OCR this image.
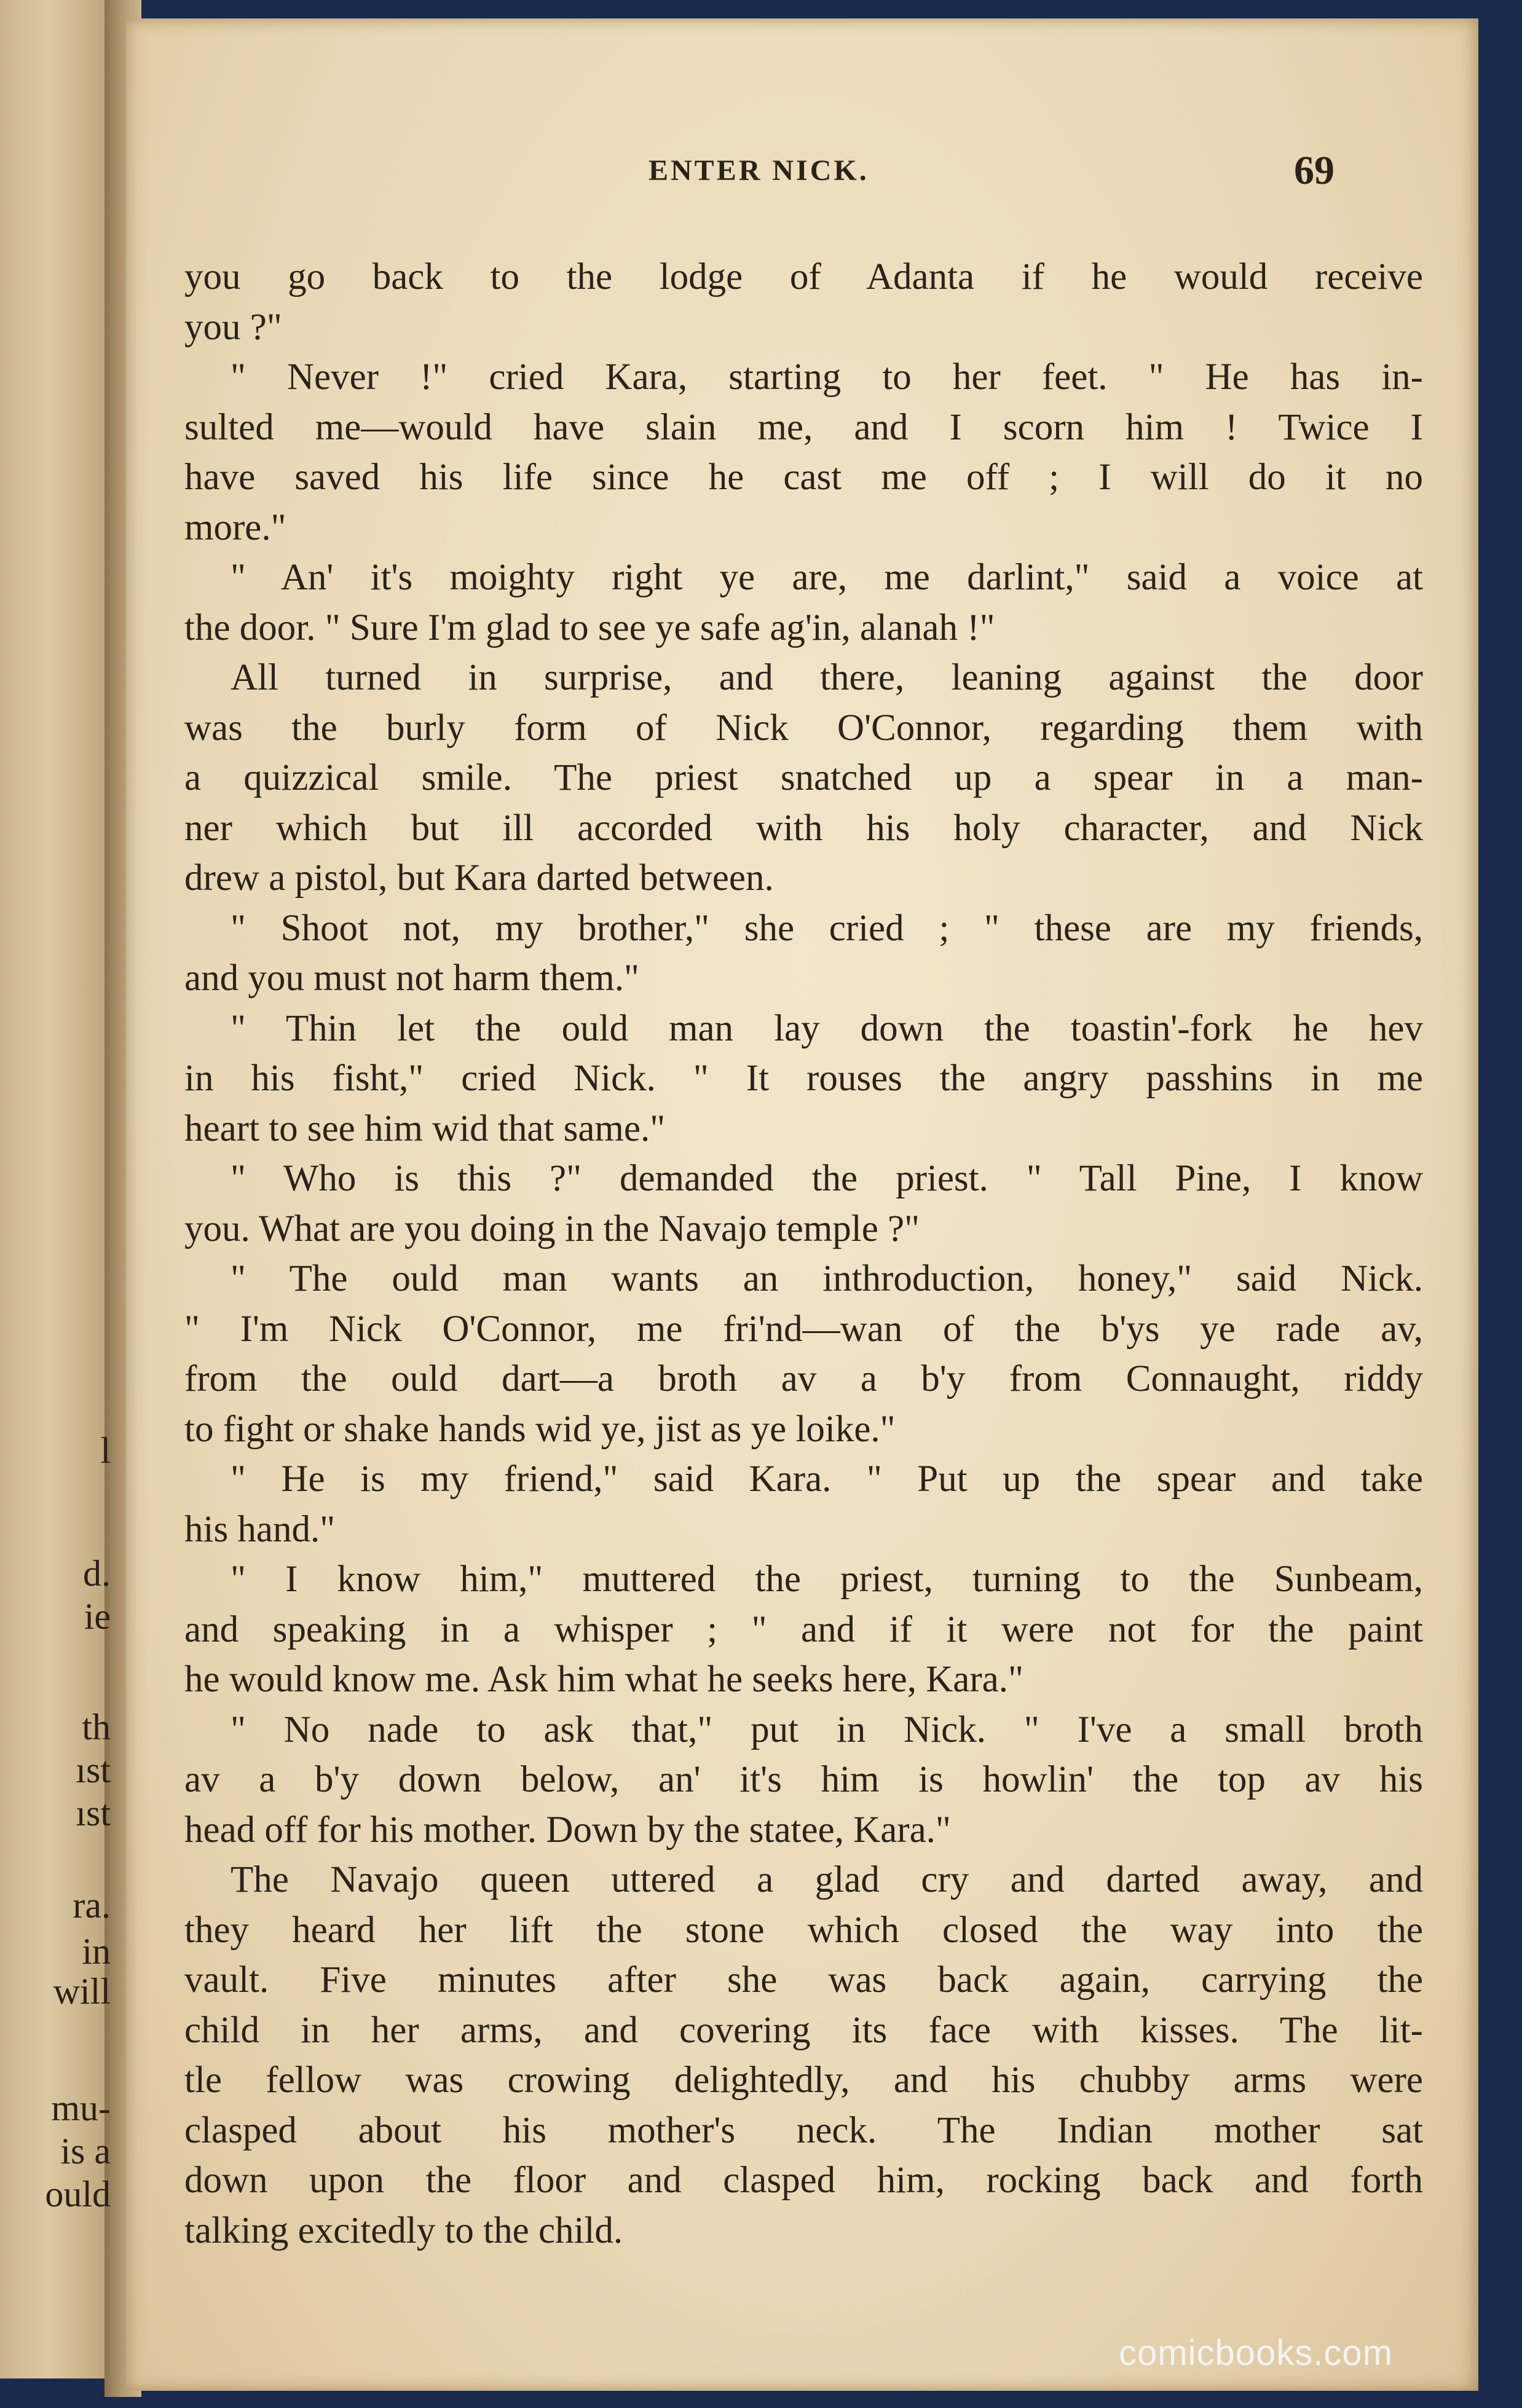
ENTER NICK.	69
you go back to the lodge of Adanta if he would receive
you ?"
" Never !" cried Kara, starting to her feet. " He has in-
sulted me—would have slain me, and I scorn him ! Twice I
have saved his life since he cast me off ; I will do it no
more."
" An' it's moighty right ye are, me darlint," said a voice at
the door. " Sure I'm glad to see ye safe ag'in, alanah !"
All turned in surprise, and there, leaning against the door
was the burly form of Nick O'Connor, regarding them with
a quizzical smile. The priest snatched up a spear in a man-
ner which but ill accorded with his holy character, and Nick
drew a pistol, but Kara darted between.
" Shoot not, my brother," she cried ; " these are my friends,
and you must not harm them."
" Thin let the ould man lay down the toastin'-fork he hev
in his fisht," cried Nick. " It rouses the angry passhins in me
heart to see him wid that same."
" Who is this ?" demanded the priest. " Tall Pine, I know
you. What are you doing in the Navajo temple ?"
" The ould man wants an inthroduction, honey," said Nick.
" I'm Nick O'Connor, me fri'nd—wan of the b'ys ye rade av,
from the ould dart—a broth av a b'y from Connaught, riddy
to fight or shake hands wid ye, jist as ye loike."
" He is my friend," said Kara. " Put up the spear and take
his hand."
" I know him," muttered the priest, turning to the Sunbeam,
and speaking in a whisper ; " and if it were not for the paint
he would know me. Ask him what he seeks here, Kara."
" No nade to ask that," put in Nick. " I've a small broth
av a b'y down below, an' it's him is howlin' the top av his
head off for his mother. Down by the statee, Kara."
The Navajo queen uttered a glad cry and darted away, and
they heard her lift the stone which closed the way into the
vault. Five minutes after she was back again, carrying the
child in her arms, and covering its face with kisses. The lit-
tle fellow was crowing delightedly, and his chubby arms were
clasped about his mother's neck. The Indian mother sat
down upon the floor and clasped him, rocking back and forth
talking excitedly to the child.
l
d.
ie
th
ıst
ıst
ra.
in
will
mu-
is a
ould
comicbooks.com
